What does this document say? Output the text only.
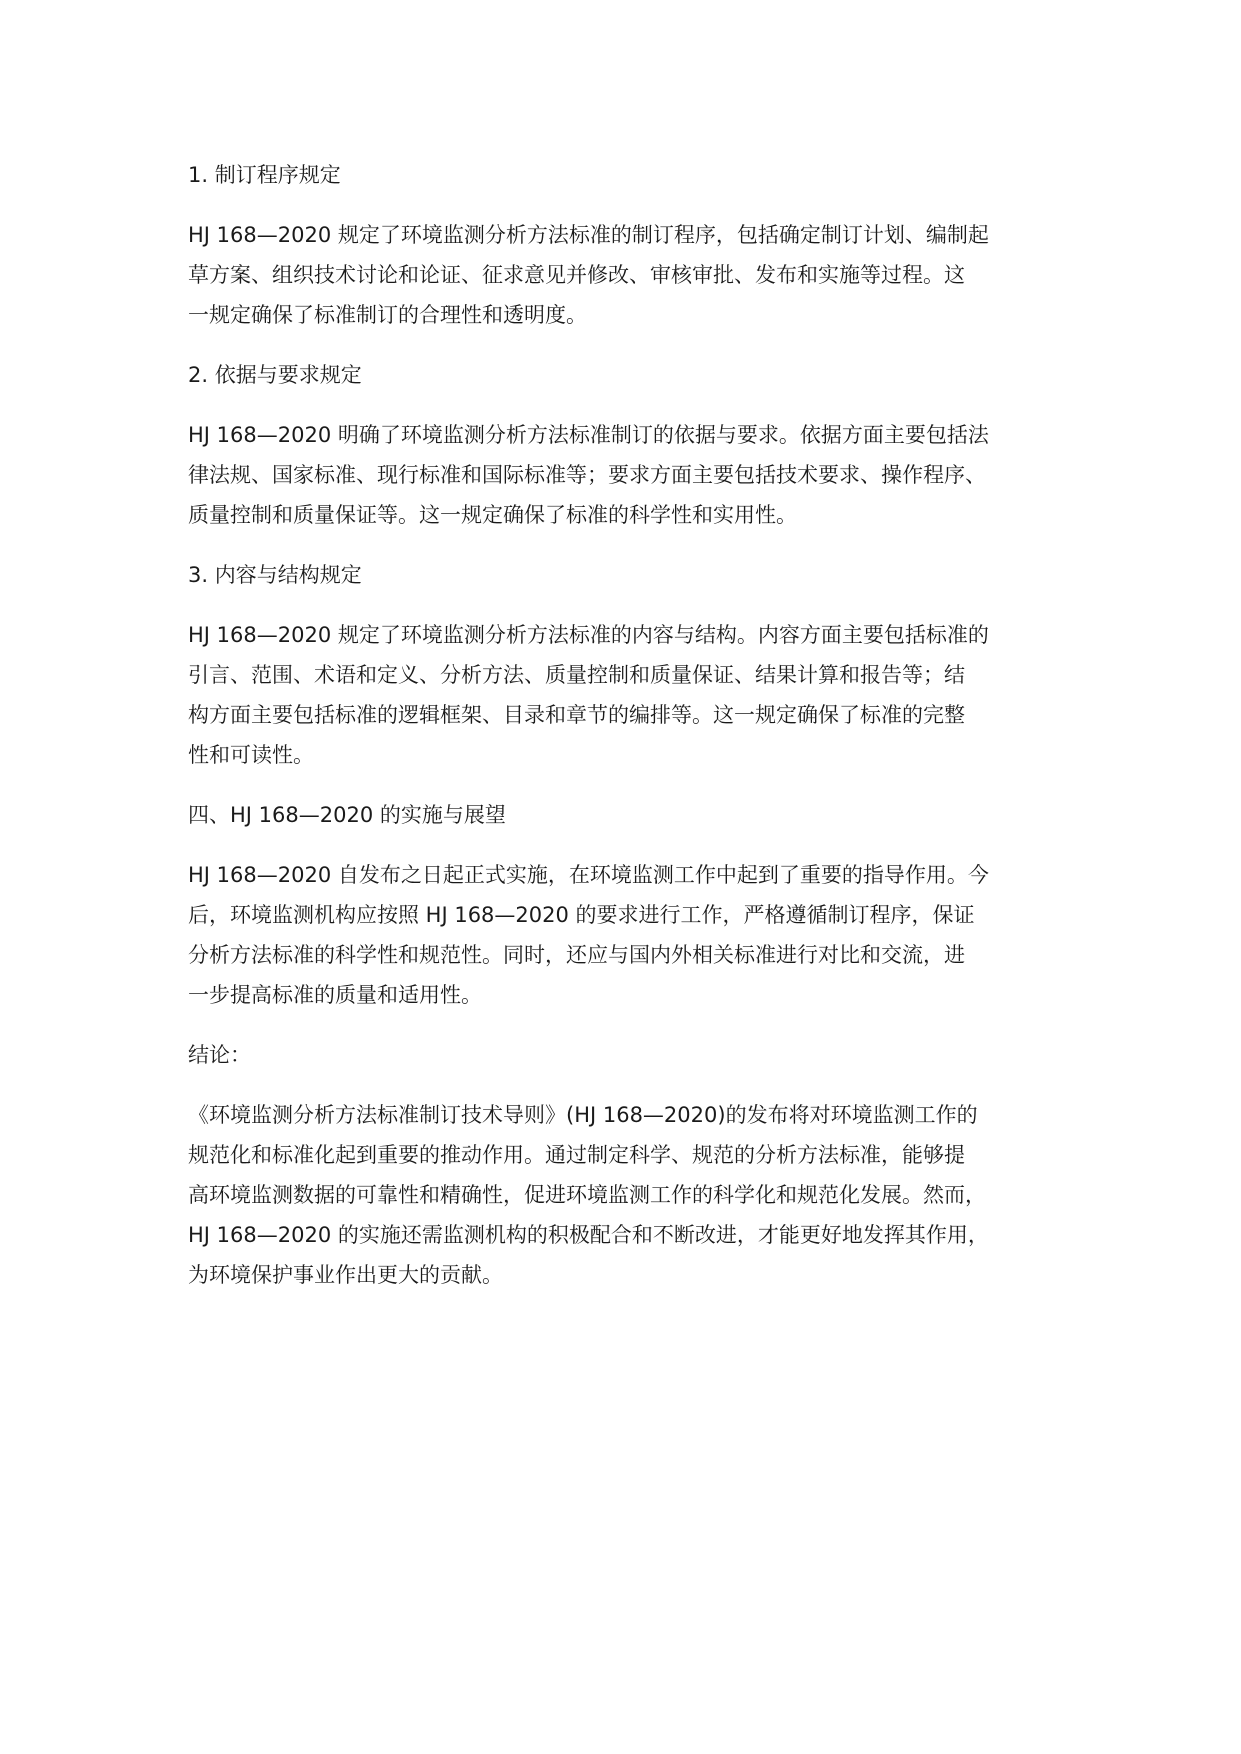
1. 制订程序规定
HJ 168—2020 规定了环境监测分析方法标准的制订程序，包括确定制订计划、编制起
草方案、组织技术讨论和论证、征求意见并修改、审核审批、发布和实施等过程。这
一规定确保了标准制订的合理性和透明度。
2. 依据与要求规定
HJ 168—2020 明确了环境监测分析方法标准制订的依据与要求。依据方面主要包括法
律法规、国家标准、现行标准和国际标准等；要求方面主要包括技术要求、操作程序、
质量控制和质量保证等。这一规定确保了标准的科学性和实用性。
3. 内容与结构规定
HJ 168—2020 规定了环境监测分析方法标准的内容与结构。内容方面主要包括标准的
引言、范围、术语和定义、分析方法、质量控制和质量保证、结果计算和报告等；结
构方面主要包括标准的逻辑框架、目录和章节的编排等。这一规定确保了标准的完整
性和可读性。
四、HJ 168—2020 的实施与展望
HJ 168—2020 自发布之日起正式实施，在环境监测工作中起到了重要的指导作用。今
后，环境监测机构应按照 HJ 168—2020 的要求进行工作，严格遵循制订程序，保证
分析方法标准的科学性和规范性。同时，还应与国内外相关标准进行对比和交流，进
一步提高标准的质量和适用性。
结论：
《环境监测分析方法标准制订技术导则》(HJ 168—2020)的发布将对环境监测工作的
规范化和标准化起到重要的推动作用。通过制定科学、规范的分析方法标准，能够提
高环境监测数据的可靠性和精确性，促进环境监测工作的科学化和规范化发展。然而，
HJ 168—2020 的实施还需监测机构的积极配合和不断改进，才能更好地发挥其作用，
为环境保护事业作出更大的贡献。
